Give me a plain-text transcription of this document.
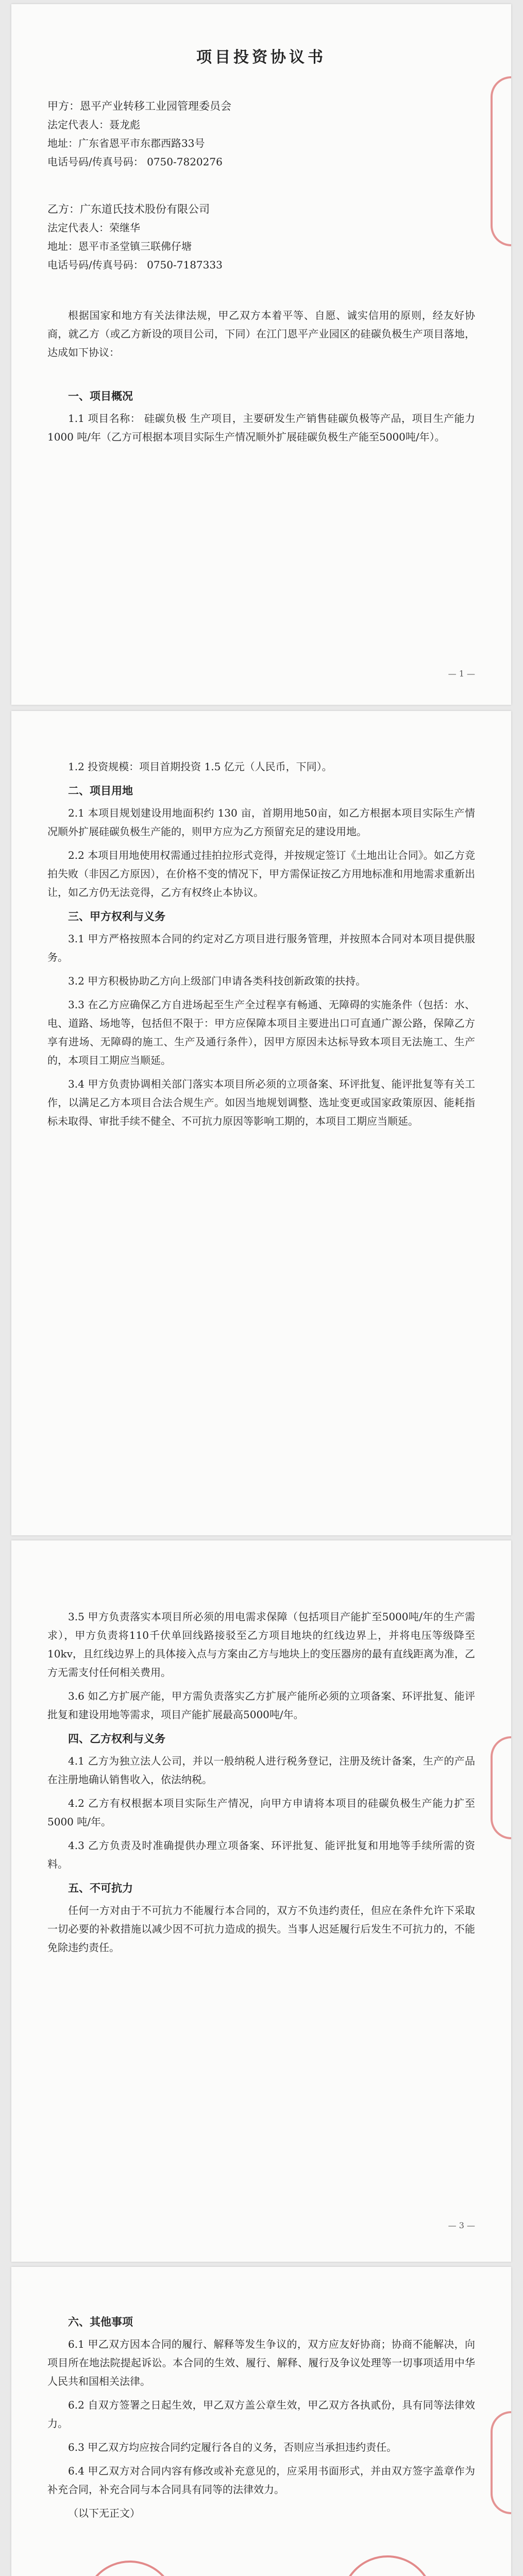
项目投资协议书

甲方：恩平产业转移工业园管理委员会

法定代表人：聂龙彪

地址：广东省恩平市东郡西路33号

电话号码/传真号码： 0750-7820276

乙方：广东道氏技术股份有限公司

法定代表人：荣继华

地址：恩平市圣堂镇三联佛仔塘

电话号码/传真号码： 0750-7187333

根据国家和地方有关法律法规，甲乙双方本着平等、自愿、诚实信用的原则，经友好协商，就乙方（或乙方新设的项目公司，下同）在江门恩平产业园区的硅碳负极生产项目落地，达成如下协议：

一、项目概况

1.1 项目名称： 硅碳负极 生产项目，主要研发生产销售硅碳负极等产品，项目生产能力 1000 吨/年（乙方可根据本项目实际生产情况顺外扩展硅碳负极生产能至5000吨/年）。

— 1 —

1.2 投资规模：项目首期投资 1.5 亿元（人民币，下同）。

二、项目用地

2.1 本项目规划建设用地面积约 130 亩，首期用地50亩，如乙方根据本项目实际生产情况顺外扩展硅碳负极生产能的，则甲方应为乙方预留充足的建设用地。

2.2 本项目用地使用权需通过挂拍拉形式竞得，并按规定签订《土地出让合同》。如乙方竞拍失败（非因乙方原因），在价格不变的情况下，甲方需保证按乙方用地标准和用地需求重新出让，如乙方仍无法竞得，乙方有权终止本协议。

三、甲方权利与义务

3.1 甲方严格按照本合同的约定对乙方项目进行服务管理，并按照本合同对本项目提供服务。

3.2 甲方积极协助乙方向上级部门申请各类科技创新政策的扶持。

3.3 在乙方应确保乙方自进场起至生产全过程享有畅通、无障碍的实施条件（包括：水、电、道路、场地等，包括但不限于：甲方应保障本项目主要进出口可直通广源公路，保障乙方享有进场、无障碍的施工、生产及通行条件），因甲方原因未达标导致本项目无法施工、生产的，本项目工期应当顺延。

3.4 甲方负责协调相关部门落实本项目所必须的立项备案、环评批复、能评批复等有关工作，以满足乙方本项目合法合规生产。如因当地规划调整、选址变更或国家政策原因、能耗指标未取得、审批手续不健全、不可抗力原因等影响工期的，本项目工期应当顺延。

3.5 甲方负责落实本项目所必须的用电需求保障（包括项目产能扩至5000吨/年的生产需求），甲方负责将110千伏单回线路接驳至乙方项目地块的红线边界上，并将电压等级降至10kv，且红线边界上的具体接入点与方案由乙方与地块上的变压器房的最有直线距离为准，乙方无需支付任何相关费用。

3.6 如乙方扩展产能，甲方需负责落实乙方扩展产能所必须的立项备案、环评批复、能评批复和建设用地等需求，项目产能扩展最高5000吨/年。

四、乙方权利与义务

4.1 乙方为独立法人公司，并以一般纳税人进行税务登记，注册及统计备案，生产的产品在注册地确认销售收入，依法纳税。

4.2 乙方有权根据本项目实际生产情况，向甲方申请将本项目的硅碳负极生产能力扩至 5000 吨/年。

4.3 乙方负责及时准确提供办理立项备案、环评批复、能评批复和用地等手续所需的资料。

五、不可抗力

任何一方对由于不可抗力不能履行本合同的，双方不负违约责任，但应在条件允许下采取一切必要的补救措施以减少因不可抗力造成的损失。当事人迟延履行后发生不可抗力的，不能免除违约责任。

— 3 —
六、其他事项

6.1 甲乙双方因本合同的履行、解释等发生争议的，双方应友好协商；协商不能解决，向项目所在地法院提起诉讼。本合同的生效、履行、解释、履行及争议处理等一切事项适用中华人民共和国相关法律。

6.2 自双方签署之日起生效，甲乙双方盖公章生效，甲乙双方各执贰份，具有同等法律效力。

6.3 甲乙双方均应按合同约定履行各自的义务，否则应当承担违约责任。

6.4 甲乙双方对合同内容有修改或补充意见的，应采用书面形式，并由双方签字盖章作为补充合同，补充合同与本合同具有同等的法律效力。

（以下无正文）
